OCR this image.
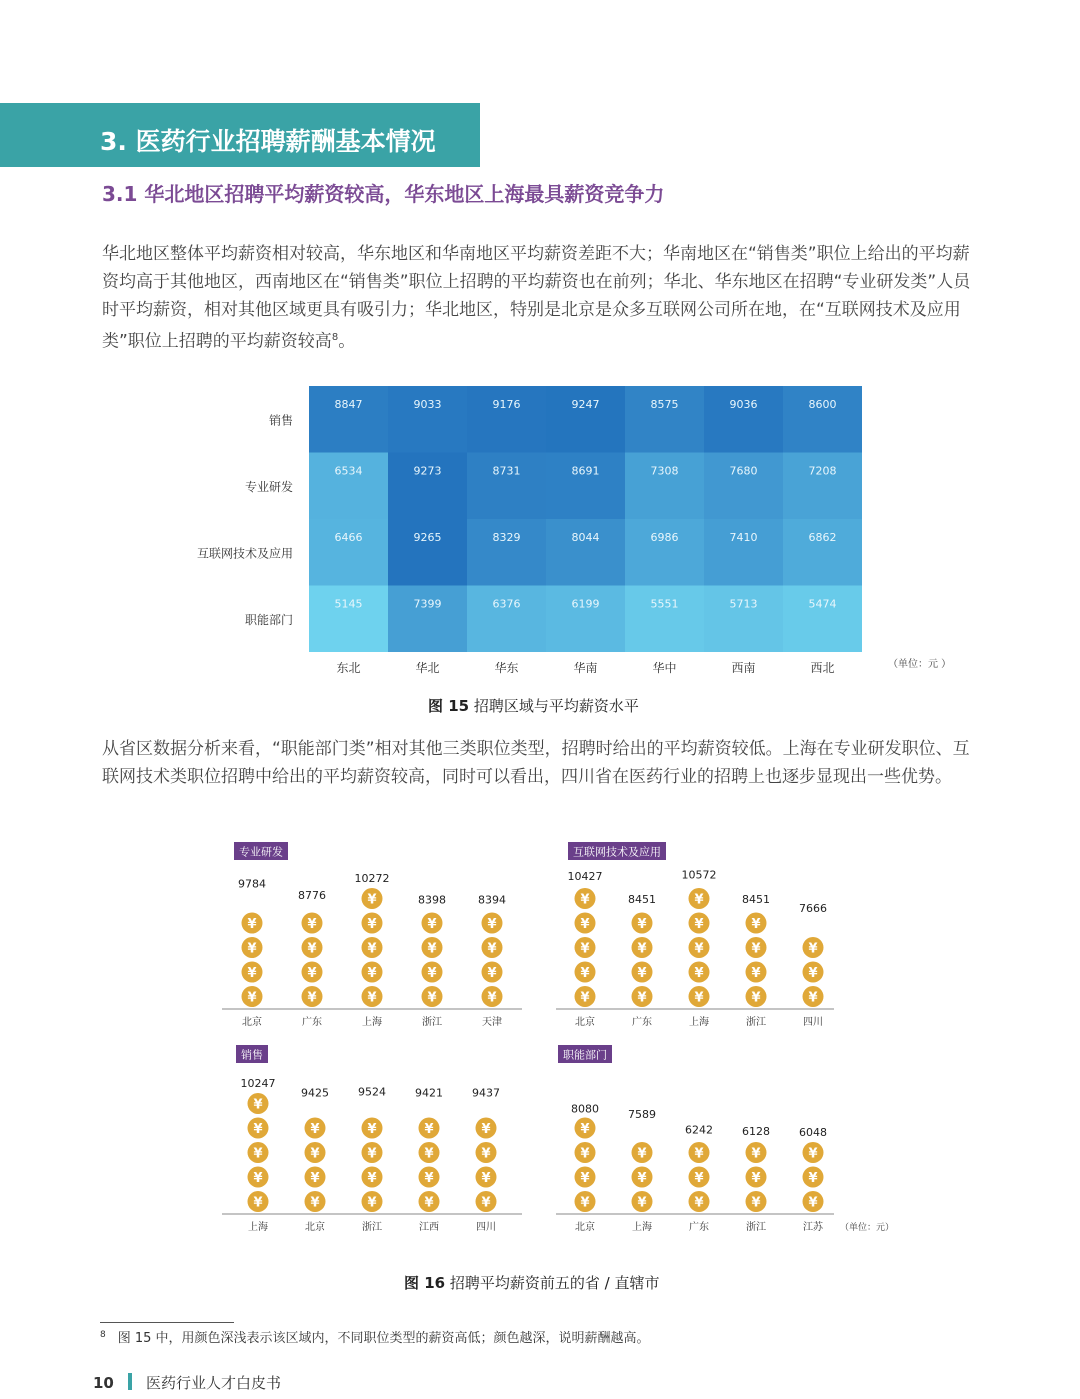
3. 医药行业招聘薪酬基本情况
3.1 华北地区招聘平均薪资较高，华东地区上海最具薪资竞争力
华北地区整体平均薪资相对较高，华东地区和华南地区平均薪资差距不大；华南地区在“销售类”职位上给出的平均薪资均高于其他地区，西南地区在“销售类”职位上招聘的平均薪资也在前列；华北、华东地区在招聘“专业研发类”人员时平均薪资，相对其他区域更具有吸引力；华北地区，特别是北京是众多互联网公司所在地，在“互联网技术及应用类”职位上招聘的平均薪资较高$^8$。
销售
8847	9033	9176	9247	8575	9036	8600
专业研发
6534	9273	8731	8691	7308	7680	7208
互联网技术及应用
6466	9265	8329	8044	6986	7410	6862
职能部门
5145	7399	6376	6199	5551	5713	5474
东北	华北	华东	华南	华中	西南	西北	（单位：元 ）
图 15 招聘区域与平均薪资水平
从省区数据分析来看，“职能部门类”相对其他三类职位类型，招聘时给出的平均薪资较低。上海在专业研发职位、互联网技术类职位招聘中给出的平均薪资较高，同时可以看出，四川省在医药行业的招聘上也逐步显现出一些优势。
专业研发
¥
¥
¥
¥
9784
北京
¥
¥
¥
¥
8776
广东
¥
¥
¥
¥
¥
10272
上海
¥
¥
¥
¥
8398
浙江
¥
¥
¥
¥
8394
天津
互联网技术及应用
¥
¥
¥
¥
¥
10427
北京
¥
¥
¥
¥
8451
广东
¥
¥
¥
¥
¥
10572
上海
¥
¥
¥
¥
8451
浙江
¥
¥
¥
7666
四川
销售
¥
¥
¥
¥
¥
10247
上海
¥
¥
¥
¥
9425
北京
¥
¥
¥
¥
9524
浙江
¥
¥
¥
¥
9421
江西
¥
¥
¥
¥
9437
四川
职能部门
¥
¥
¥
¥
8080
北京
¥
¥
¥
7589
上海
¥
¥
¥
6242
广东
¥
¥
¥
6128
浙江
¥
¥
¥
6048
江苏 （单位：元）
图 16 招聘平均薪资前五的省 / 直辖市
$^8$ 图 15 中，用颜色深浅表示该区域内，不同职位类型的薪资高低；颜色越深，说明薪酬越高。
10 医药行业人才白皮书
